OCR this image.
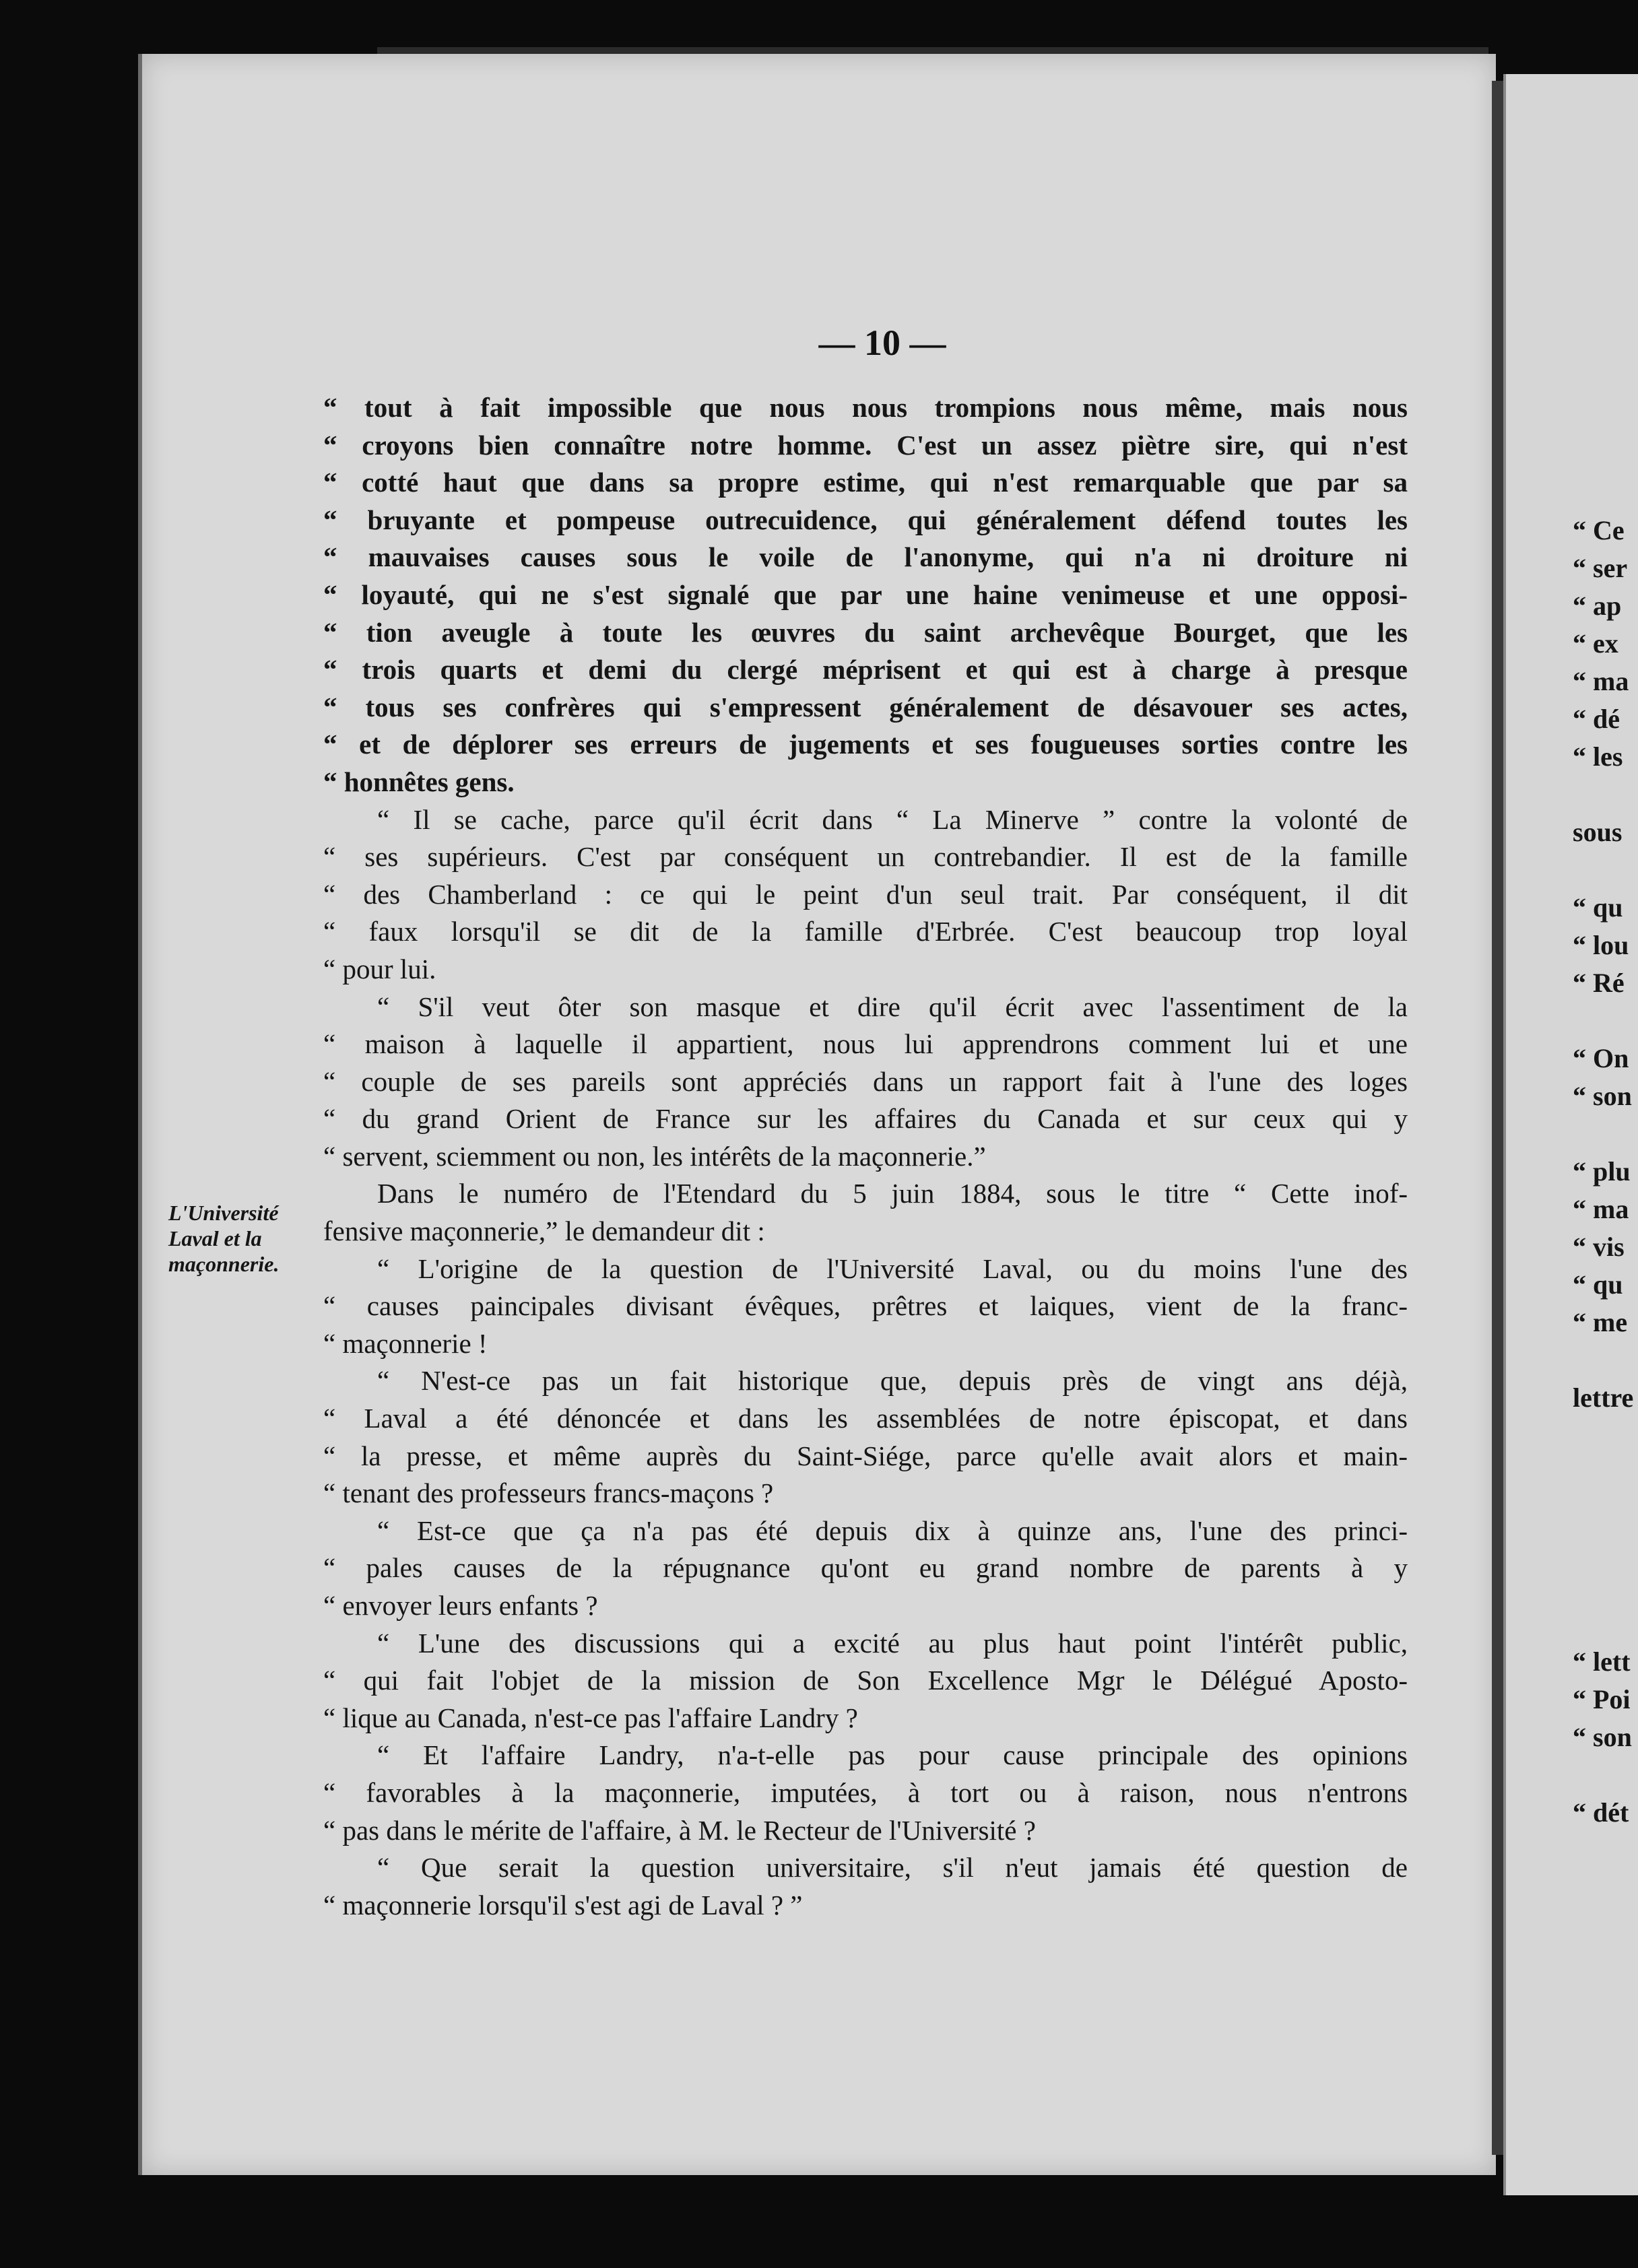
— 10 —
L'Université
Laval et la
maçonnerie.
“ tout à fait impossible que nous nous trompions nous même, mais nous
“ croyons bien connaître notre homme. C'est un assez piètre sire, qui n'est
“ cotté haut que dans sa propre estime, qui n'est remarquable que par sa
“ bruyante et pompeuse outrecuidence, qui généralement défend toutes les
“ mauvaises causes sous le voile de l'anonyme, qui n'a ni droiture ni
“ loyauté, qui ne s'est signalé que par une haine venimeuse et une opposi-
“ tion aveugle à toute les œuvres du saint archevêque Bourget, que les
“ trois quarts et demi du clergé méprisent et qui est à charge à presque
“ tous ses confrères qui s'empressent généralement de désavouer ses actes,
“ et de déplorer ses erreurs de jugements et ses fougueuses sorties contre les
“ honnêtes gens.
“ Il se cache, parce qu'il écrit dans “ La Minerve ” contre la volonté de
“ ses supérieurs. C'est par conséquent un contrebandier. Il est de la famille
“ des Chamberland : ce qui le peint d'un seul trait. Par conséquent, il dit
“ faux lorsqu'il se dit de la famille d'Erbrée. C'est beaucoup trop loyal
“ pour lui.
“ S'il veut ôter son masque et dire qu'il écrit avec l'assentiment de la
“ maison à laquelle il appartient, nous lui apprendrons comment lui et une
“ couple de ses pareils sont appréciés dans un rapport fait à l'une des loges
“ du grand Orient de France sur les affaires du Canada et sur ceux qui y
“ servent, sciemment ou non, les intérêts de la maçonnerie.”
Dans le numéro de l'Etendard du 5 juin 1884, sous le titre “ Cette inof-
fensive maçonnerie,” le demandeur dit :
“ L'origine de la question de l'Université Laval, ou du moins l'une des
“ causes paincipales divisant évêques, prêtres et laiques, vient de la franc-
“ maçonnerie !
“ N'est-ce pas un fait historique que, depuis près de vingt ans déjà,
“ Laval a été dénoncée et dans les assemblées de notre épiscopat, et dans
“ la presse, et même auprès du Saint-Siége, parce qu'elle avait alors et main-
“ tenant des professeurs francs-maçons ?
“ Est-ce que ça n'a pas été depuis dix à quinze ans, l'une des princi-
“ pales causes de la répugnance qu'ont eu grand nombre de parents à y
“ envoyer leurs enfants ?
“ L'une des discussions qui a excité au plus haut point l'intérêt public,
“ qui fait l'objet de la mission de Son Excellence Mgr le Délégué Aposto-
“ lique au Canada, n'est-ce pas l'affaire Landry ?
“ Et l'affaire Landry, n'a-t-elle pas pour cause principale des opinions
“ favorables à la maçonnerie, imputées, à tort ou à raison, nous n'entrons
“ pas dans le mérite de l'affaire, à M. le Recteur de l'Université ?
“ Que serait la question universitaire, s'il n'eut jamais été question de
“ maçonnerie lorsqu'il s'est agi de Laval ? ”
“ Ce
“ ser
“ ap
“ ex
“ ma
“ dé
“ les
sous
“ qu
“ lou
“ Ré
“ On
“ son
“ plu
“ ma
“ vis
“ qu
“ me
lettre
“ lett
“ Poi
“ son
“ dét
